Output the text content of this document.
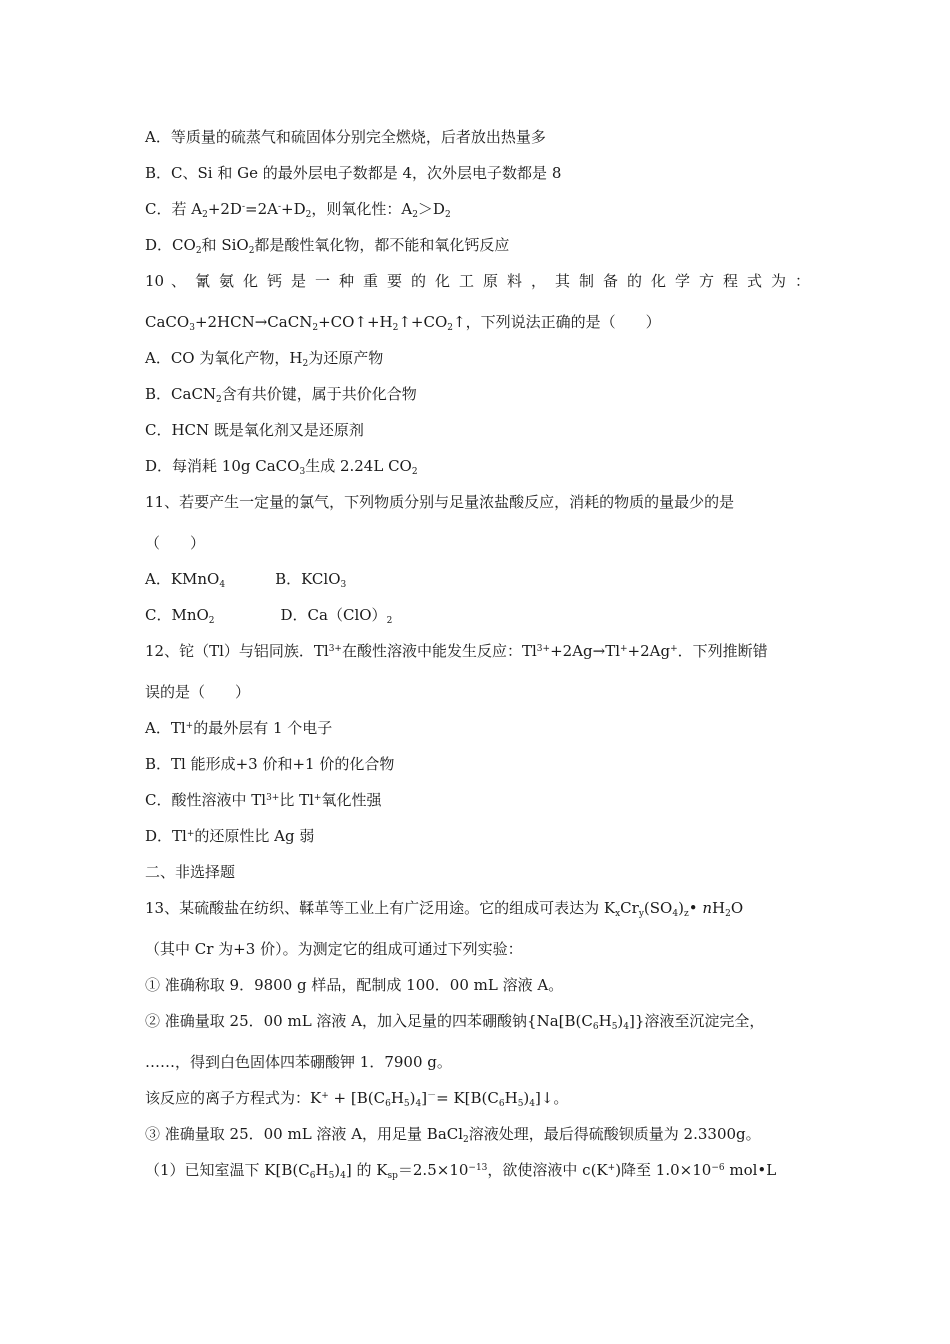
A．等质量的硫蒸气和硫固体分别完全燃烧，后者放出热量多
B．C、Si 和 Ge 的最外层电子数都是 4，次外层电子数都是 8
C．若 $A_2+2D^-=2A^-+D_2$，则氧化性：$A_2>D_2$
D．$CO_2$和 SiO$_2$都是酸性氧化物，都不能和氧化钙反应
10 、 氰 氨 化 钙 是 一 种 重 要 的 化 工 原 料 ， 其 制 备 的 化 学 方 程 式 为 ：
$CaCO_3+2HCN\to CaCN_2+CO↑+H_2↑+CO_2↑$，下列说法正确的是（　　）
A．CO 为氧化产物，$H_2$为还原产物
B．CaCN$_2$含有共价键，属于共价化合物
C．HCN 既是氧化剂又是还原剂
D．每消耗 10g CaCO$_3$生成 2.24L $CO_2$
11、若要产生一定量的氯气，下列物质分别与足量浓盐酸反应，消耗的物质的量最少的是
（　　）
A．KMnO$_4$	B．KClO$_3$
C．MnO$_2$	D．$Ca(ClO)_2$
12、铊（Tl）与铝同族．$Tl^{3+}$在酸性溶液中能发生反应：$Tl^{3+}+2Ag\to Tl^++2Ag^+$．下列推断错
误的是（　　）
A．Tl+的最外层有 1 个电子
B．Tl 能形成+3 价和+1 价的化合物
C．酸性溶液中 $Tl^{3+}$比 Tl+氧化性强
D．Tl+的还原性比 Ag 弱
二、非选择题
13、某硫酸盐在纺织、鞣革等工业上有广泛用途。它的组成可表达为 $K_xCr_y(SO_4)_z•$ $nH_2O$
（其中 Cr 为+3 价）。为测定它的组成可通过下列实验：
① 准确称取 9．9800 g 样品，配制成 100．00 mL 溶液 A。
② 准确量取 25．00 mL 溶液 A，加入足量的四苯硼酸钠$\{Na[B(C_6H_5)_4]\}$溶液至沉淀完全，
……，得到白色固体四苯硼酸钾 1．7900 g。
该反应的离子方程式为：$K^+ + [B(C_6H_5)_4]^-=$ $K[B(C_6H_5)_4]↓$。
③ 准确量取 25．00 mL 溶液 A，用足量 BaCl$_2$溶液处理，最后得硫酸钡质量为 2.3300g。
（1）已知室温下 $K[B(C_6H_5)_4]$ 的 $K_{sp}=2.5\times 10^{-13}$，欲使溶液中 c(K+)降至 $1.0\times 10^{-6}$ mol•L
